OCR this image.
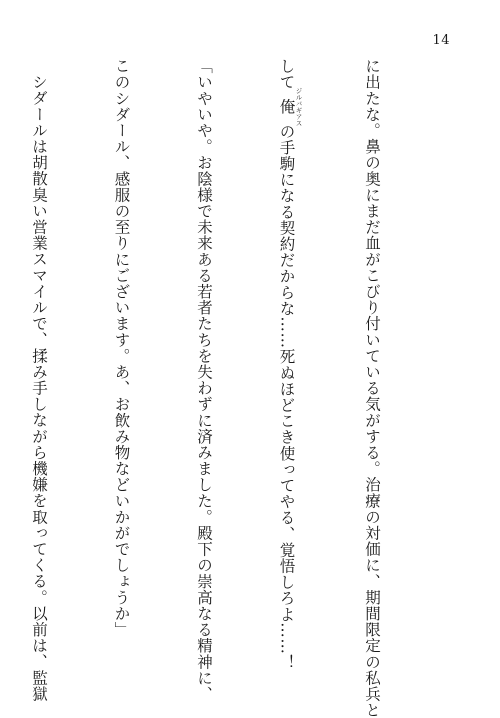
14

に出たな。鼻の奥にまだ血がこびり付いている気がする。治療の対価に、期間限定の私兵と

して俺 ジルバギアスの手駒になる契約だからな……死ぬほどこき使ってやる、覚悟しろよ……！

「いやいや。お陰様で未来ある若者たちを失わずに済みました。殿下の崇高なる精神に、

このシダール、感服の至りにございます。あ、お飲み物などいかがでしょうか」

シダールは胡散臭い営業スマイルで、揉み手しながら機嫌を取ってくる。以前は、監獄
